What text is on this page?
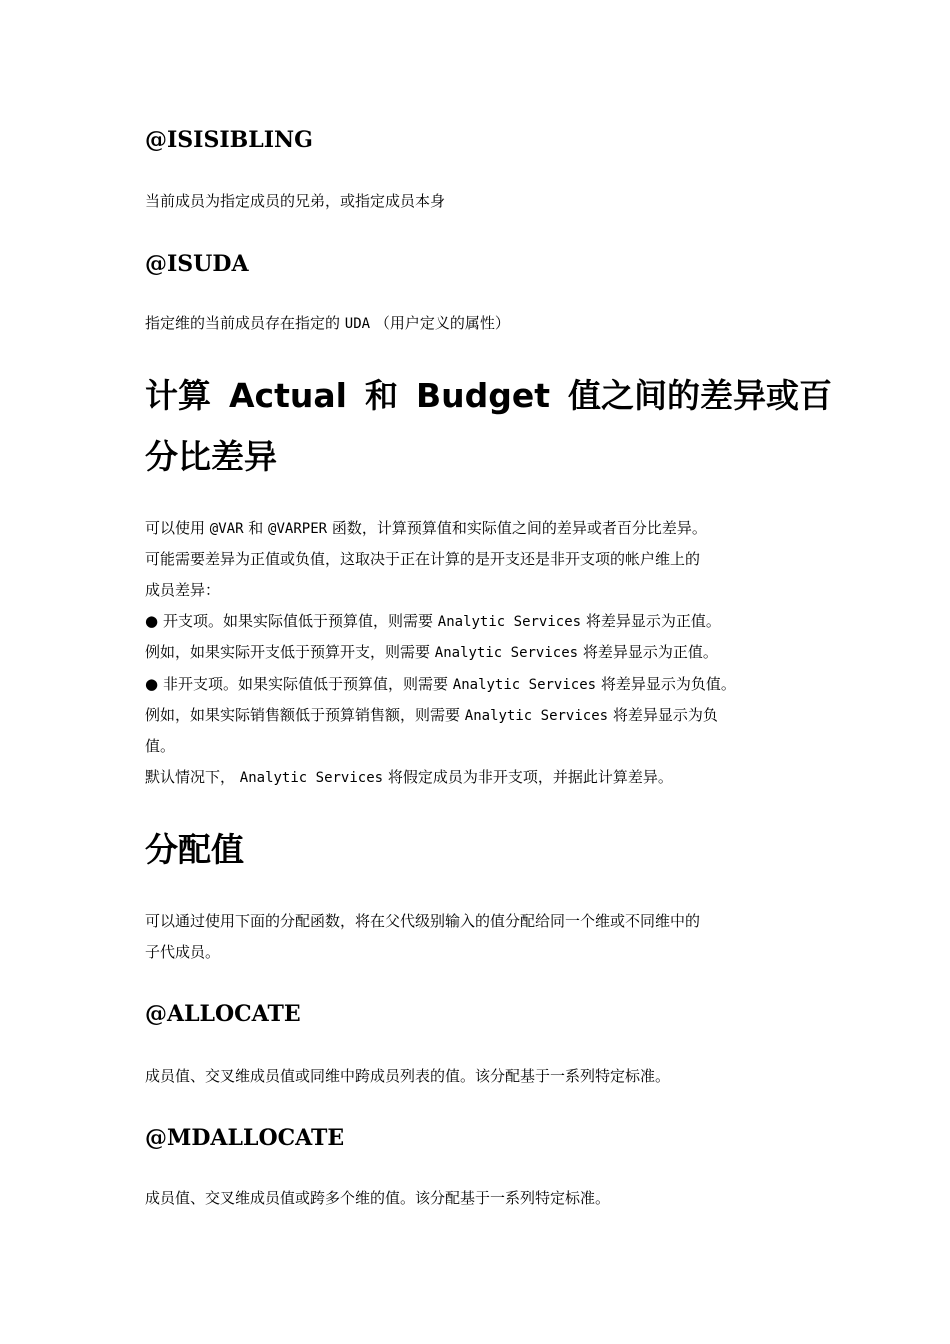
@ISISIBLING

当前成员为指定成员的兄弟，或指定成员本身

@ISUDA

指定维的当前成员存在指定的 UDA （用户定义的属性）

计算 Actual 和 Budget 值之间的差异或百
分比差异

可以使用 @VAR 和 @VARPER 函数，计算预算值和实际值之间的差异或者百分比差异。

可能需要差异为正值或负值，这取决于正在计算的是开支还是非开支项的帐户维上的

成员差异：

● 开支项。如果实际值低于预算值，则需要 Analytic Services 将差异显示为正值。

例如，如果实际开支低于预算开支，则需要 Analytic Services 将差异显示为正值。

● 非开支项。如果实际值低于预算值，则需要 Analytic Services 将差异显示为负值。

例如，如果实际销售额低于预算销售额，则需要 Analytic Services 将差异显示为负

值。

默认情况下， Analytic Services 将假定成员为非开支项，并据此计算差异。

分配值

可以通过使用下面的分配函数，将在父代级别输入的值分配给同一个维或不同维中的

子代成员。

@ALLOCATE

成员值、交叉维成员值或同维中跨成员列表的值。该分配基于一系列特定标准。

@MDALLOCATE

成员值、交叉维成员值或跨多个维的值。该分配基于一系列特定标准。
